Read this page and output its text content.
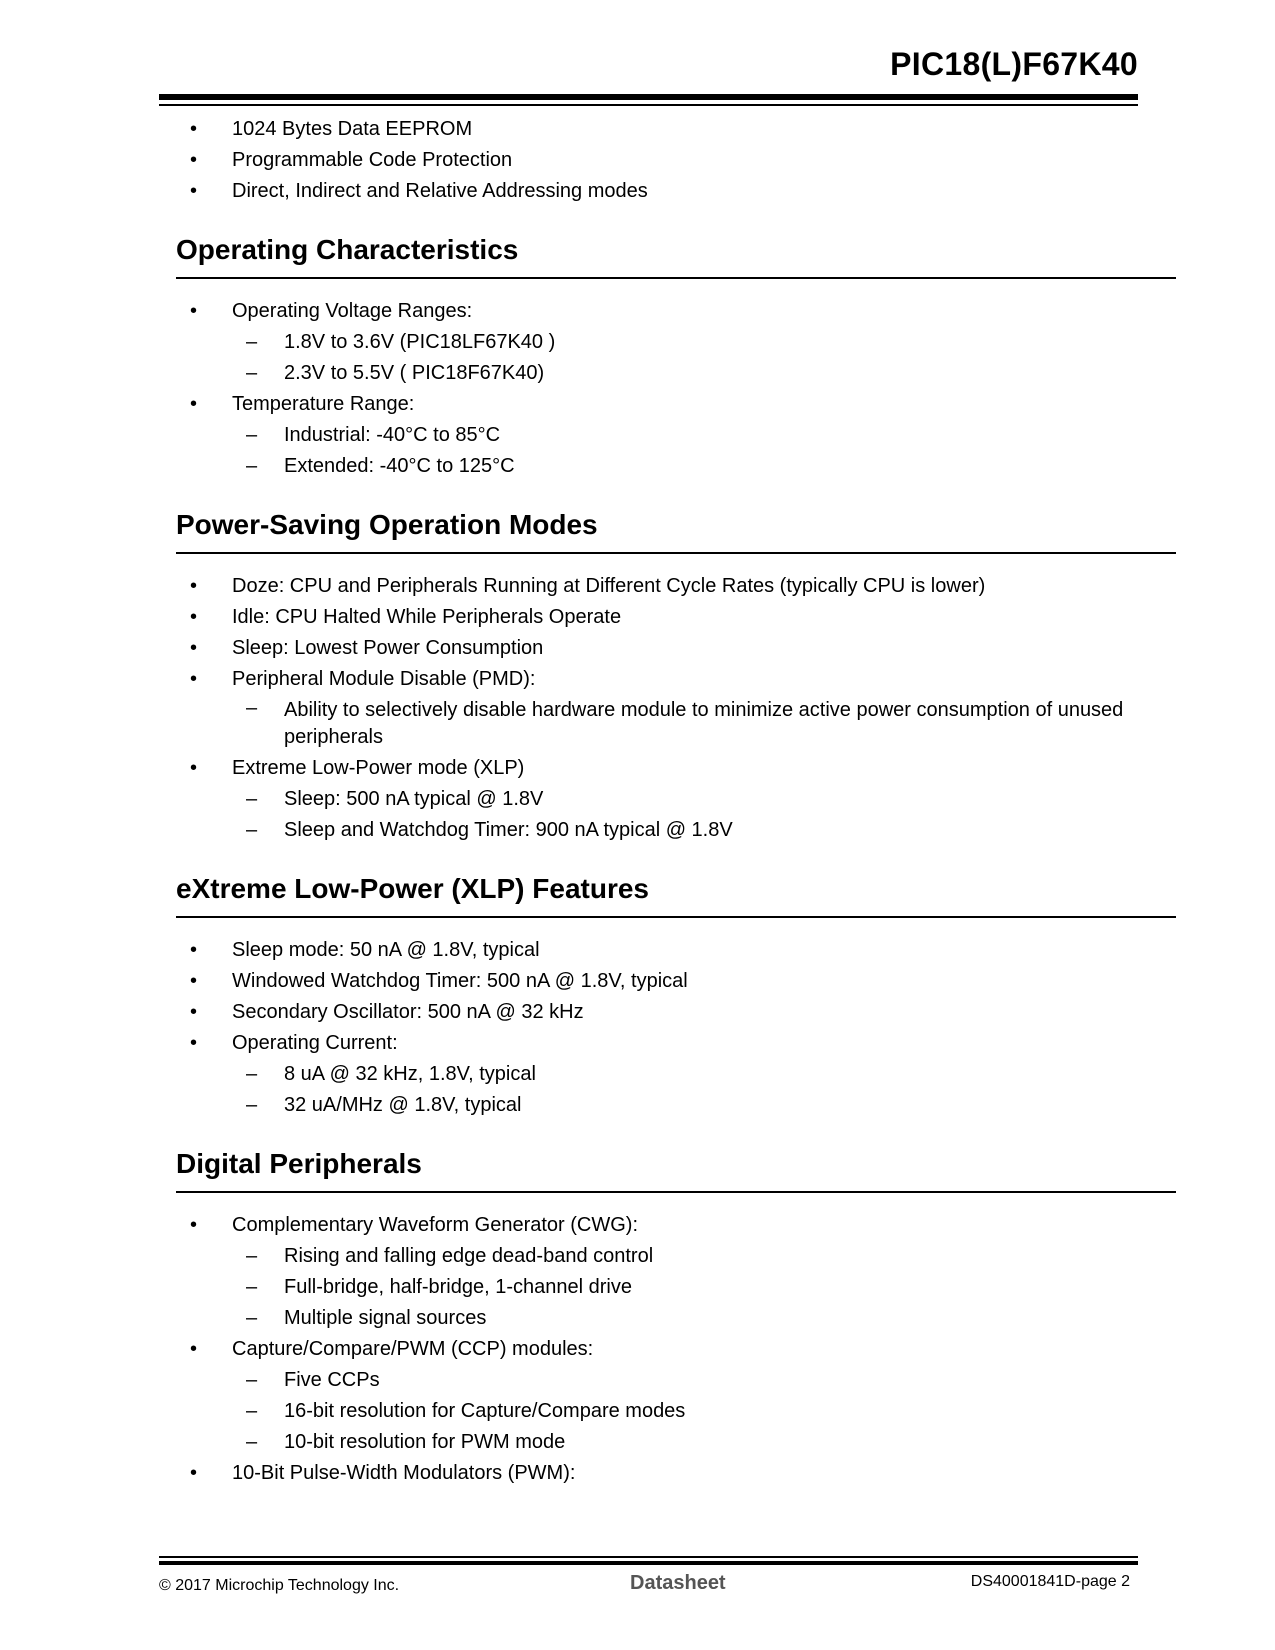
PIC18(L)F67K40
• 1024 Bytes Data EEPROM
• Programmable Code Protection
• Direct, Indirect and Relative Addressing modes
Operating Characteristics
• Operating Voltage Ranges:
– 1.8V to 3.6V (PIC18LF67K40 )
– 2.3V to 5.5V ( PIC18F67K40)
• Temperature Range:
– Industrial: -40°C to 85°C
– Extended: -40°C to 125°C
Power-Saving Operation Modes
• Doze: CPU and Peripherals Running at Different Cycle Rates (typically CPU is lower)
• Idle: CPU Halted While Peripherals Operate
• Sleep: Lowest Power Consumption
• Peripheral Module Disable (PMD):
– Ability to selectively disable hardware module to minimize active power consumption of unused peripherals
• Extreme Low-Power mode (XLP)
– Sleep: 500 nA typical @ 1.8V
– Sleep and Watchdog Timer: 900 nA typical @ 1.8V
eXtreme Low-Power (XLP) Features
• Sleep mode: 50 nA @ 1.8V, typical
• Windowed Watchdog Timer: 500 nA @ 1.8V, typical
• Secondary Oscillator: 500 nA @ 32 kHz
• Operating Current:
– 8 uA @ 32 kHz, 1.8V, typical
– 32 uA/MHz @ 1.8V, typical
Digital Peripherals
• Complementary Waveform Generator (CWG):
– Rising and falling edge dead-band control
– Full-bridge, half-bridge, 1-channel drive
– Multiple signal sources
• Capture/Compare/PWM (CCP) modules:
– Five CCPs
– 16-bit resolution for Capture/Compare modes
– 10-bit resolution for PWM mode
• 10-Bit Pulse-Width Modulators (PWM):
© 2017 Microchip Technology Inc.	Datasheet	DS40001841D-page 2
